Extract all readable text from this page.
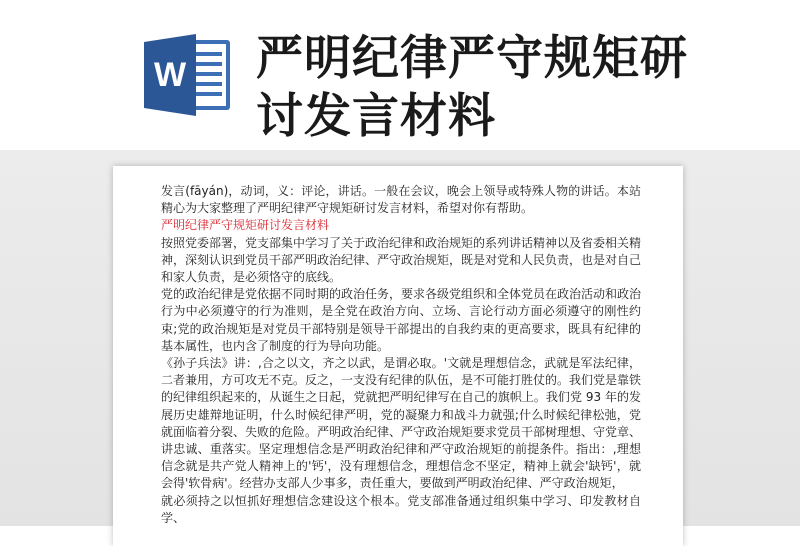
W 严明纪律严守规矩研
讨发言材料

发言(fāyán)，动词，义：评论，讲话。一般在会议，晚会上领导或特殊人物的讲话。本站精心为大家整理了严明纪律严守规矩研讨发言材料，希望对你有帮助。

严明纪律严守规矩研讨发言材料

按照党委部署，党支部集中学习了关于政治纪律和政治规矩的系列讲话精神以及省委相关精神，深刻认识到党员干部严明政治纪律、严守政治规矩，既是对党和人民负责，也是对自己和家人负责，是必须恪守的底线。

党的政治纪律是党依据不同时期的政治任务，要求各级党组织和全体党员在政治活动和政治行为中必须遵守的行为准则，是全党在政治方向、立场、言论行动方面必须遵守的刚性约束;党的政治规矩是对党员干部特别是领导干部提出的自我约束的更高要求，既具有纪律的基本属性，也内含了制度的行为导向功能。

《孙子兵法》讲：,合之以文，齐之以武，是谓必取。'文就是理想信念，武就是军法纪律，二者兼用，方可攻无不克。反之，一支没有纪律的队伍，是不可能打胜仗的。我们党是靠铁的纪律组织起来的，从诞生之日起，党就把严明纪律写在自己的旗帜上。我们党 93 年的发展历史雄辩地证明，什么时候纪律严明，党的凝聚力和战斗力就强;什么时候纪律松弛，党就面临着分裂、失败的危险。严明政治纪律、严守政治规矩要求党员干部树理想、守党章、讲忠诚、重落实。坚定理想信念是严明政治纪律和严守政治规矩的前提条件。指出：,理想信念就是共产党人精神上的'钙'，没有理想信念，理想信念不坚定，精神上就会'缺钙'，就会得'软骨病'。经营办支部人少事多，责任重大，要做到严明政治纪律、严守政治规矩，

就必须持之以恒抓好理想信念建设这个根本。党支部准备通过组织集中学习、印发教材自学、
